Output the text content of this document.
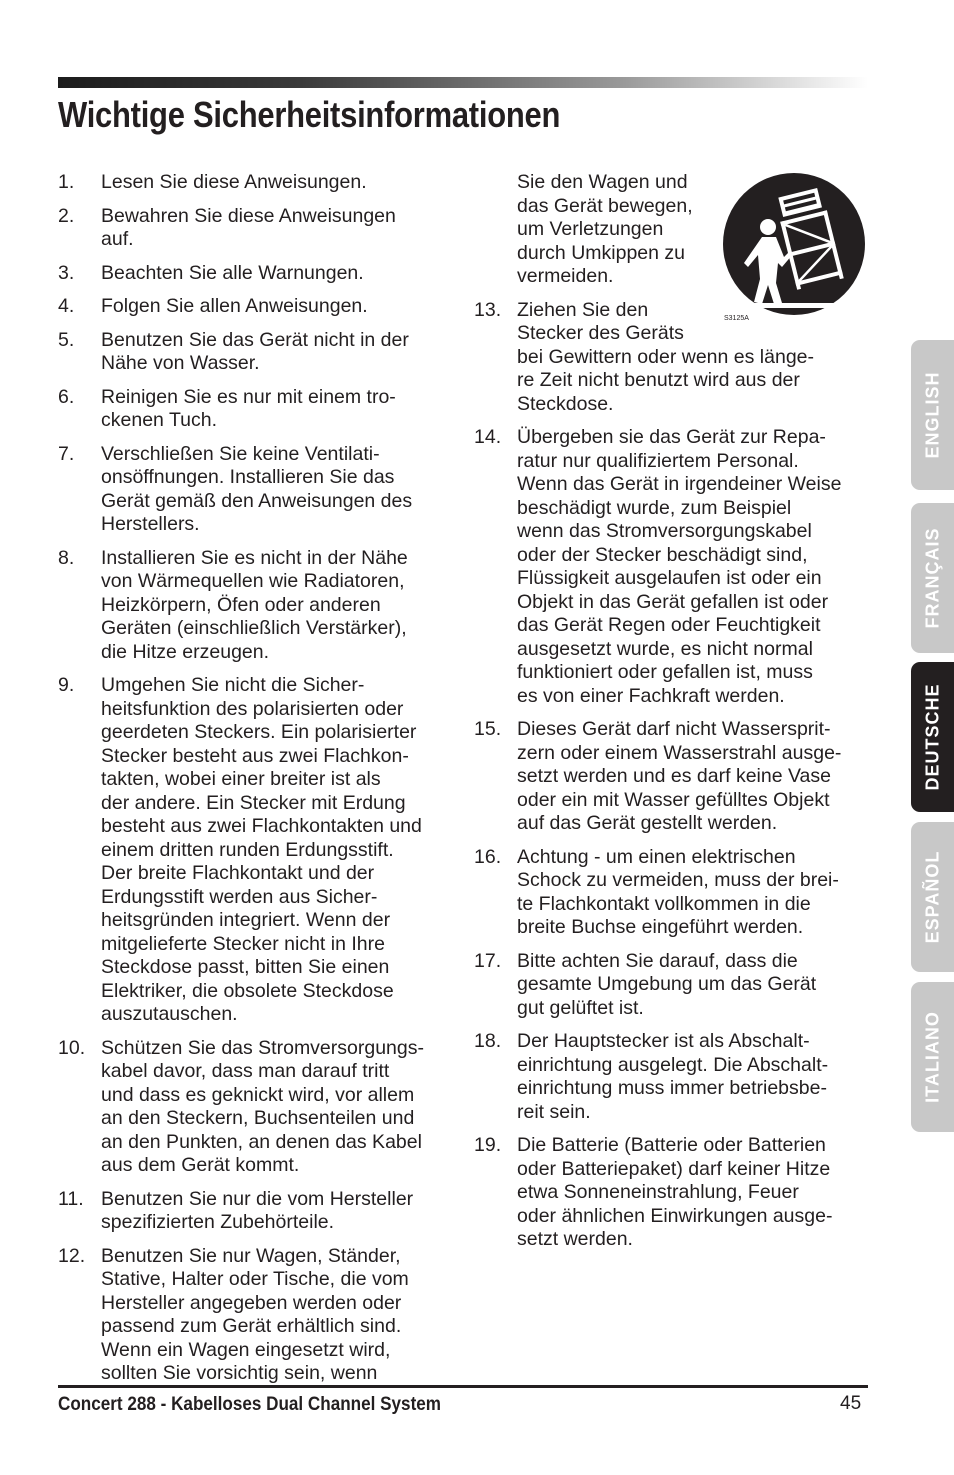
Wichtige Sicherheitsinformationen
1.	Lesen Sie diese Anweisungen.
2.	Bewahren Sie diese Anweisungen
auf.
3.	Beachten Sie alle Warnungen.
4.	Folgen Sie allen Anweisungen.
5.	Benutzen Sie das Gerät nicht in der
Nähe von Wasser.
6.	Reinigen Sie es nur mit einem tro-
ckenen Tuch.
7.	Verschließen Sie keine Ventilati-
onsöffnungen. Installieren Sie das
Gerät gemäß den Anweisungen des
Herstellers.
8.	Installieren Sie es nicht in der Nähe
von Wärmequellen wie Radiatoren,
Heizkörpern, Öfen oder anderen
Geräten (einschließlich Verstärker),
die Hitze erzeugen.
9.	Umgehen Sie nicht die Sicher-
heitsfunktion des polarisierten oder
geerdeten Steckers. Ein polarisierter
Stecker besteht aus zwei Flachkon-
takten, wobei einer breiter ist als
der andere. Ein Stecker mit Erdung
besteht aus zwei Flachkontakten und
einem dritten runden Erdungsstift.
Der breite Flachkontakt und der
Erdungsstift werden aus Sicher-
heitsgründen integriert. Wenn der
mitgelieferte Stecker nicht in Ihre
Steckdose passt, bitten Sie einen
Elektriker, die obsolete Steckdose
auszutauschen.
10. Schützen Sie das Stromversorgungs-
kabel davor, dass man darauf tritt
und dass es geknickt wird, vor allem
an den Steckern, Buchsenteilen und
an den Punkten, an denen das Kabel
aus dem Gerät kommt.
11. Benutzen Sie nur die vom Hersteller
spezifizierten Zubehörteile.
12. Benutzen Sie nur Wagen, Ständer,
Stative, Halter oder Tische, die vom
Hersteller angegeben werden oder
passend zum Gerät erhältlich sind.
Wenn ein Wagen eingesetzt wird,
sollten Sie vorsichtig sein, wenn
Sie den Wagen und
das Gerät bewegen,
um Verletzungen
durch Umkippen zu
vermeiden.
13. Ziehen Sie den
Stecker des Geräts
bei Gewittern oder wenn es länge-
re Zeit nicht benutzt wird aus der
Steckdose.
14. Übergeben sie das Gerät zur Repa-
ratur nur qualifiziertem Personal.
Wenn das Gerät in irgendeiner Weise
beschädigt wurde, zum Beispiel
wenn das Stromversorgungskabel
oder der Stecker beschädigt sind,
Flüssigkeit ausgelaufen ist oder ein
Objekt in das Gerät gefallen ist oder
das Gerät Regen oder Feuchtigkeit
ausgesetzt wurde, es nicht normal
funktioniert oder gefallen ist, muss
es von einer Fachkraft werden.
15. Dieses Gerät darf nicht Wassersprit-
zern oder einem Wasserstrahl ausge-
setzt werden und es darf keine Vase
oder ein mit Wasser gefülltes Objekt
auf das Gerät gestellt werden.
16. Achtung - um einen elektrischen
Schock zu vermeiden, muss der brei-
te Flachkontakt vollkommen in die
breite Buchse eingeführt werden.
17. Bitte achten Sie darauf, dass die
gesamte Umgebung um das Gerät
gut gelüftet ist.
18. Der Hauptstecker ist als Abschalt-
einrichtung ausgelegt. Die Abschalt-
einrichtung muss immer betriebsbe-
reit sein.
19. Die Batterie (Batterie oder Batterien
oder Batteriepaket) darf keiner Hitze
etwa Sonneneinstrahlung, Feuer
oder ähnlichen Einwirkungen ausge-
setzt werden.
S3125A
ENGLISH
FRANÇAIS
DEUTSCHE
ESPAÑOL
ITALIANO
Concert 288 - Kabelloses Dual Channel System	45
